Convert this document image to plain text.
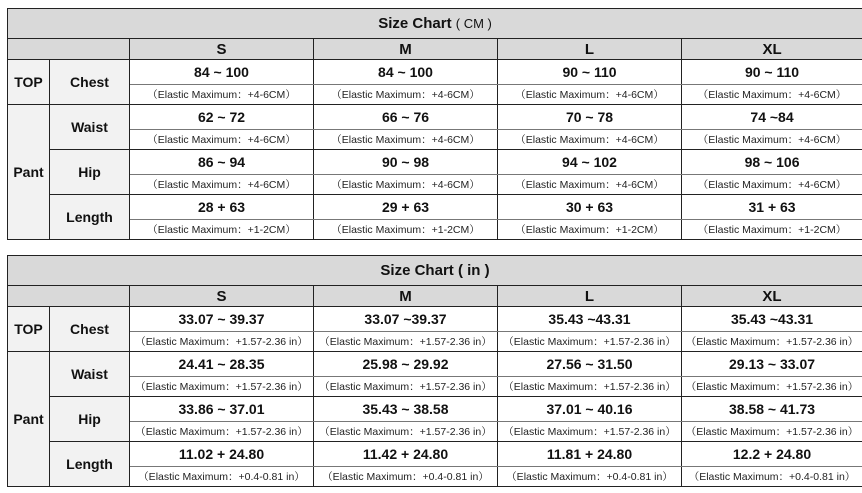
Size Chart ( CM )					
		S	M	L	XL
TOP	Chest	84 ~ 100	84 ~ 100	90 ~ 110	90 ~ 110
		（Elastic Maximum：+4-6CM）	（Elastic Maximum：+4-6CM）	（Elastic Maximum：+4-6CM）	（Elastic Maximum：+4-6CM）
Pant	Waist	62 ~ 72	66 ~ 76	70 ~ 78	74 ~84
		（Elastic Maximum：+4-6CM）	（Elastic Maximum：+4-6CM）	（Elastic Maximum：+4-6CM）	（Elastic Maximum：+4-6CM）
	Hip	86 ~ 94	90 ~ 98	94 ~ 102	98 ~ 106
		（Elastic Maximum：+4-6CM）	（Elastic Maximum：+4-6CM）	（Elastic Maximum：+4-6CM）	（Elastic Maximum：+4-6CM）
	Length	28 + 63	29 + 63	30 + 63	31 + 63
		（Elastic Maximum：+1-2CM）	（Elastic Maximum：+1-2CM）	（Elastic Maximum：+1-2CM）	（Elastic Maximum：+1-2CM）
Size Chart ( in )					
		S	M	L	XL
TOP	Chest	33.07 ~ 39.37	33.07 ~39.37	35.43 ~43.31	35.43 ~43.31
		（Elastic Maximum：+1.57-2.36 in）	（Elastic Maximum：+1.57-2.36 in）	（Elastic Maximum：+1.57-2.36 in）	（Elastic Maximum：+1.57-2.36 in）
Pant	Waist	24.41 ~ 28.35	25.98 ~ 29.92	27.56 ~ 31.50	29.13 ~ 33.07
		（Elastic Maximum：+1.57-2.36 in）	（Elastic Maximum：+1.57-2.36 in）	（Elastic Maximum：+1.57-2.36 in）	（Elastic Maximum：+1.57-2.36 in）
	Hip	33.86 ~ 37.01	35.43 ~ 38.58	37.01 ~ 40.16	38.58 ~ 41.73
		（Elastic Maximum：+1.57-2.36 in）	（Elastic Maximum：+1.57-2.36 in）	（Elastic Maximum：+1.57-2.36 in）	（Elastic Maximum：+1.57-2.36 in）
	Length	11.02 + 24.80	11.42 + 24.80	11.81 + 24.80	12.2 + 24.80
		（Elastic Maximum：+0.4-0.81 in）	（Elastic Maximum：+0.4-0.81 in）	（Elastic Maximum：+0.4-0.81 in）	（Elastic Maximum：+0.4-0.81 in）
